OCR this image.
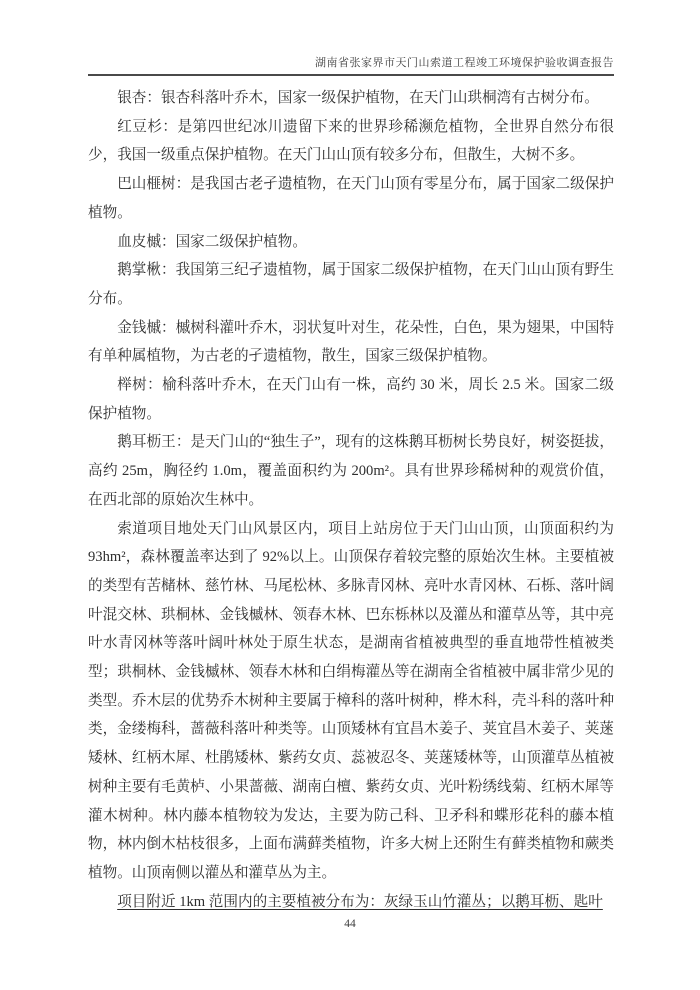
湖南省张家界市天门山索道工程竣工环境保护验收调查报告

银杏：银杏科落叶乔木，国家一级保护植物，在天门山珙桐湾有古树分布。

红豆杉：是第四世纪冰川遗留下来的世界珍稀濒危植物，全世界自然分布很少，我国一级重点保护植物。在天门山山顶有较多分布，但散生，大树不多。

巴山榧树：是我国古老孑遗植物，在天门山顶有零星分布，属于国家二级保护植物。

血皮槭：国家二级保护植物。

鹅掌楸：我国第三纪孑遗植物，属于国家二级保护植物，在天门山山顶有野生分布。

金钱槭：槭树科灌叶乔木，羽状复叶对生，花朵性，白色，果为翅果，中国特有单种属植物，为古老的孑遗植物，散生，国家三级保护植物。

榉树：榆科落叶乔木，在天门山有一株，高约 30 米，周长 2.5 米。国家二级保护植物。

鹅耳枥王：是天门山的“独生子”，现有的这株鹅耳枥树长势良好，树姿挺拔，高约 25m，胸径约 1.0m，覆盖面积约为 200m²。具有世界珍稀树种的观赏价值，在西北部的原始次生林中。

索道项目地处天门山风景区内，项目上站房位于天门山山顶，山顶面积约为93hm²，森林覆盖率达到了 92%以上。山顶保存着较完整的原始次生林。主要植被的类型有苦槠林、慈竹林、马尾松林、多脉青冈林、亮叶水青冈林、石栎、落叶阔叶混交林、珙桐林、金钱槭林、领春木林、巴东栎林以及灌丛和灌草丛等，其中亮叶水青冈林等落叶阔叶林处于原生状态，是湖南省植被典型的垂直地带性植被类型；珙桐林、金钱槭林、领春木林和白绢梅灌丛等在湖南全省植被中属非常少见的类型。乔木层的优势乔木树种主要属于樟科的落叶树种，桦木科，壳斗科的落叶种类，金缕梅科，蔷薇科落叶种类等。山顶矮林有宜昌木姜子、荚宜昌木姜子、荚蒾矮林、红柄木犀、杜鹃矮林、紫药女贞、蕊被忍冬、荚蒾矮林等，山顶灌草丛植被树种主要有毛黄栌、小果蔷薇、湖南白檀、紫药女贞、光叶粉绣线菊、红柄木犀等灌木树种。林内藤本植物较为发达，主要为防己科、卫矛科和蝶形花科的藤本植物，林内倒木枯枝很多，上面布满藓类植物，许多大树上还附生有藓类植物和蕨类植物。山顶南侧以灌丛和灌草丛为主。

项目附近 1km 范围内的主要植被分布为：灰绿玉山竹灌丛；以鹅耳枥、匙叶

44
